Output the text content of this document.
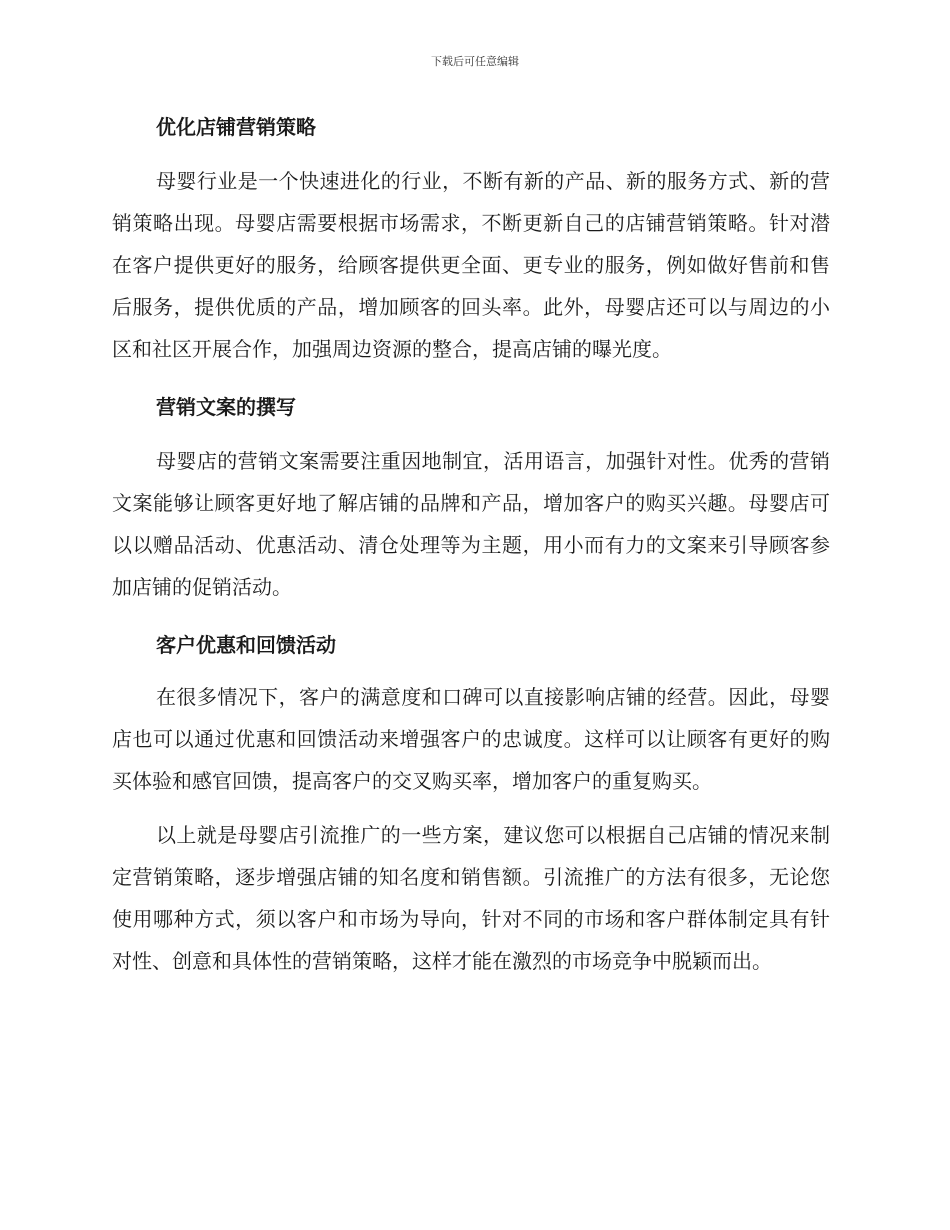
下载后可任意编辑
优化店铺营销策略

母婴行业是一个快速进化的行业，不断有新的产品、新的服务方式、新的营销策略出现。母婴店需要根据市场需求，不断更新自己的店铺营销策略。针对潜在客户提供更好的服务，给顾客提供更全面、更专业的服务，例如做好售前和售后服务，提供优质的产品，增加顾客的回头率。此外，母婴店还可以与周边的小区和社区开展合作，加强周边资源的整合，提高店铺的曝光度。

营销文案的撰写

母婴店的营销文案需要注重因地制宜，活用语言，加强针对性。优秀的营销文案能够让顾客更好地了解店铺的品牌和产品，增加客户的购买兴趣。母婴店可以以赠品活动、优惠活动、清仓处理等为主题，用小而有力的文案来引导顾客参加店铺的促销活动。

客户优惠和回馈活动

在很多情况下，客户的满意度和口碑可以直接影响店铺的经营。因此，母婴店也可以通过优惠和回馈活动来增强客户的忠诚度。这样可以让顾客有更好的购买体验和感官回馈，提高客户的交叉购买率，增加客户的重复购买。

以上就是母婴店引流推广的一些方案，建议您可以根据自己店铺的情况来制定营销策略，逐步增强店铺的知名度和销售额。引流推广的方法有很多，无论您使用哪种方式，须以客户和市场为导向，针对不同的市场和客户群体制定具有针对性、创意和具体性的营销策略，这样才能在激烈的市场竞争中脱颖而出。
